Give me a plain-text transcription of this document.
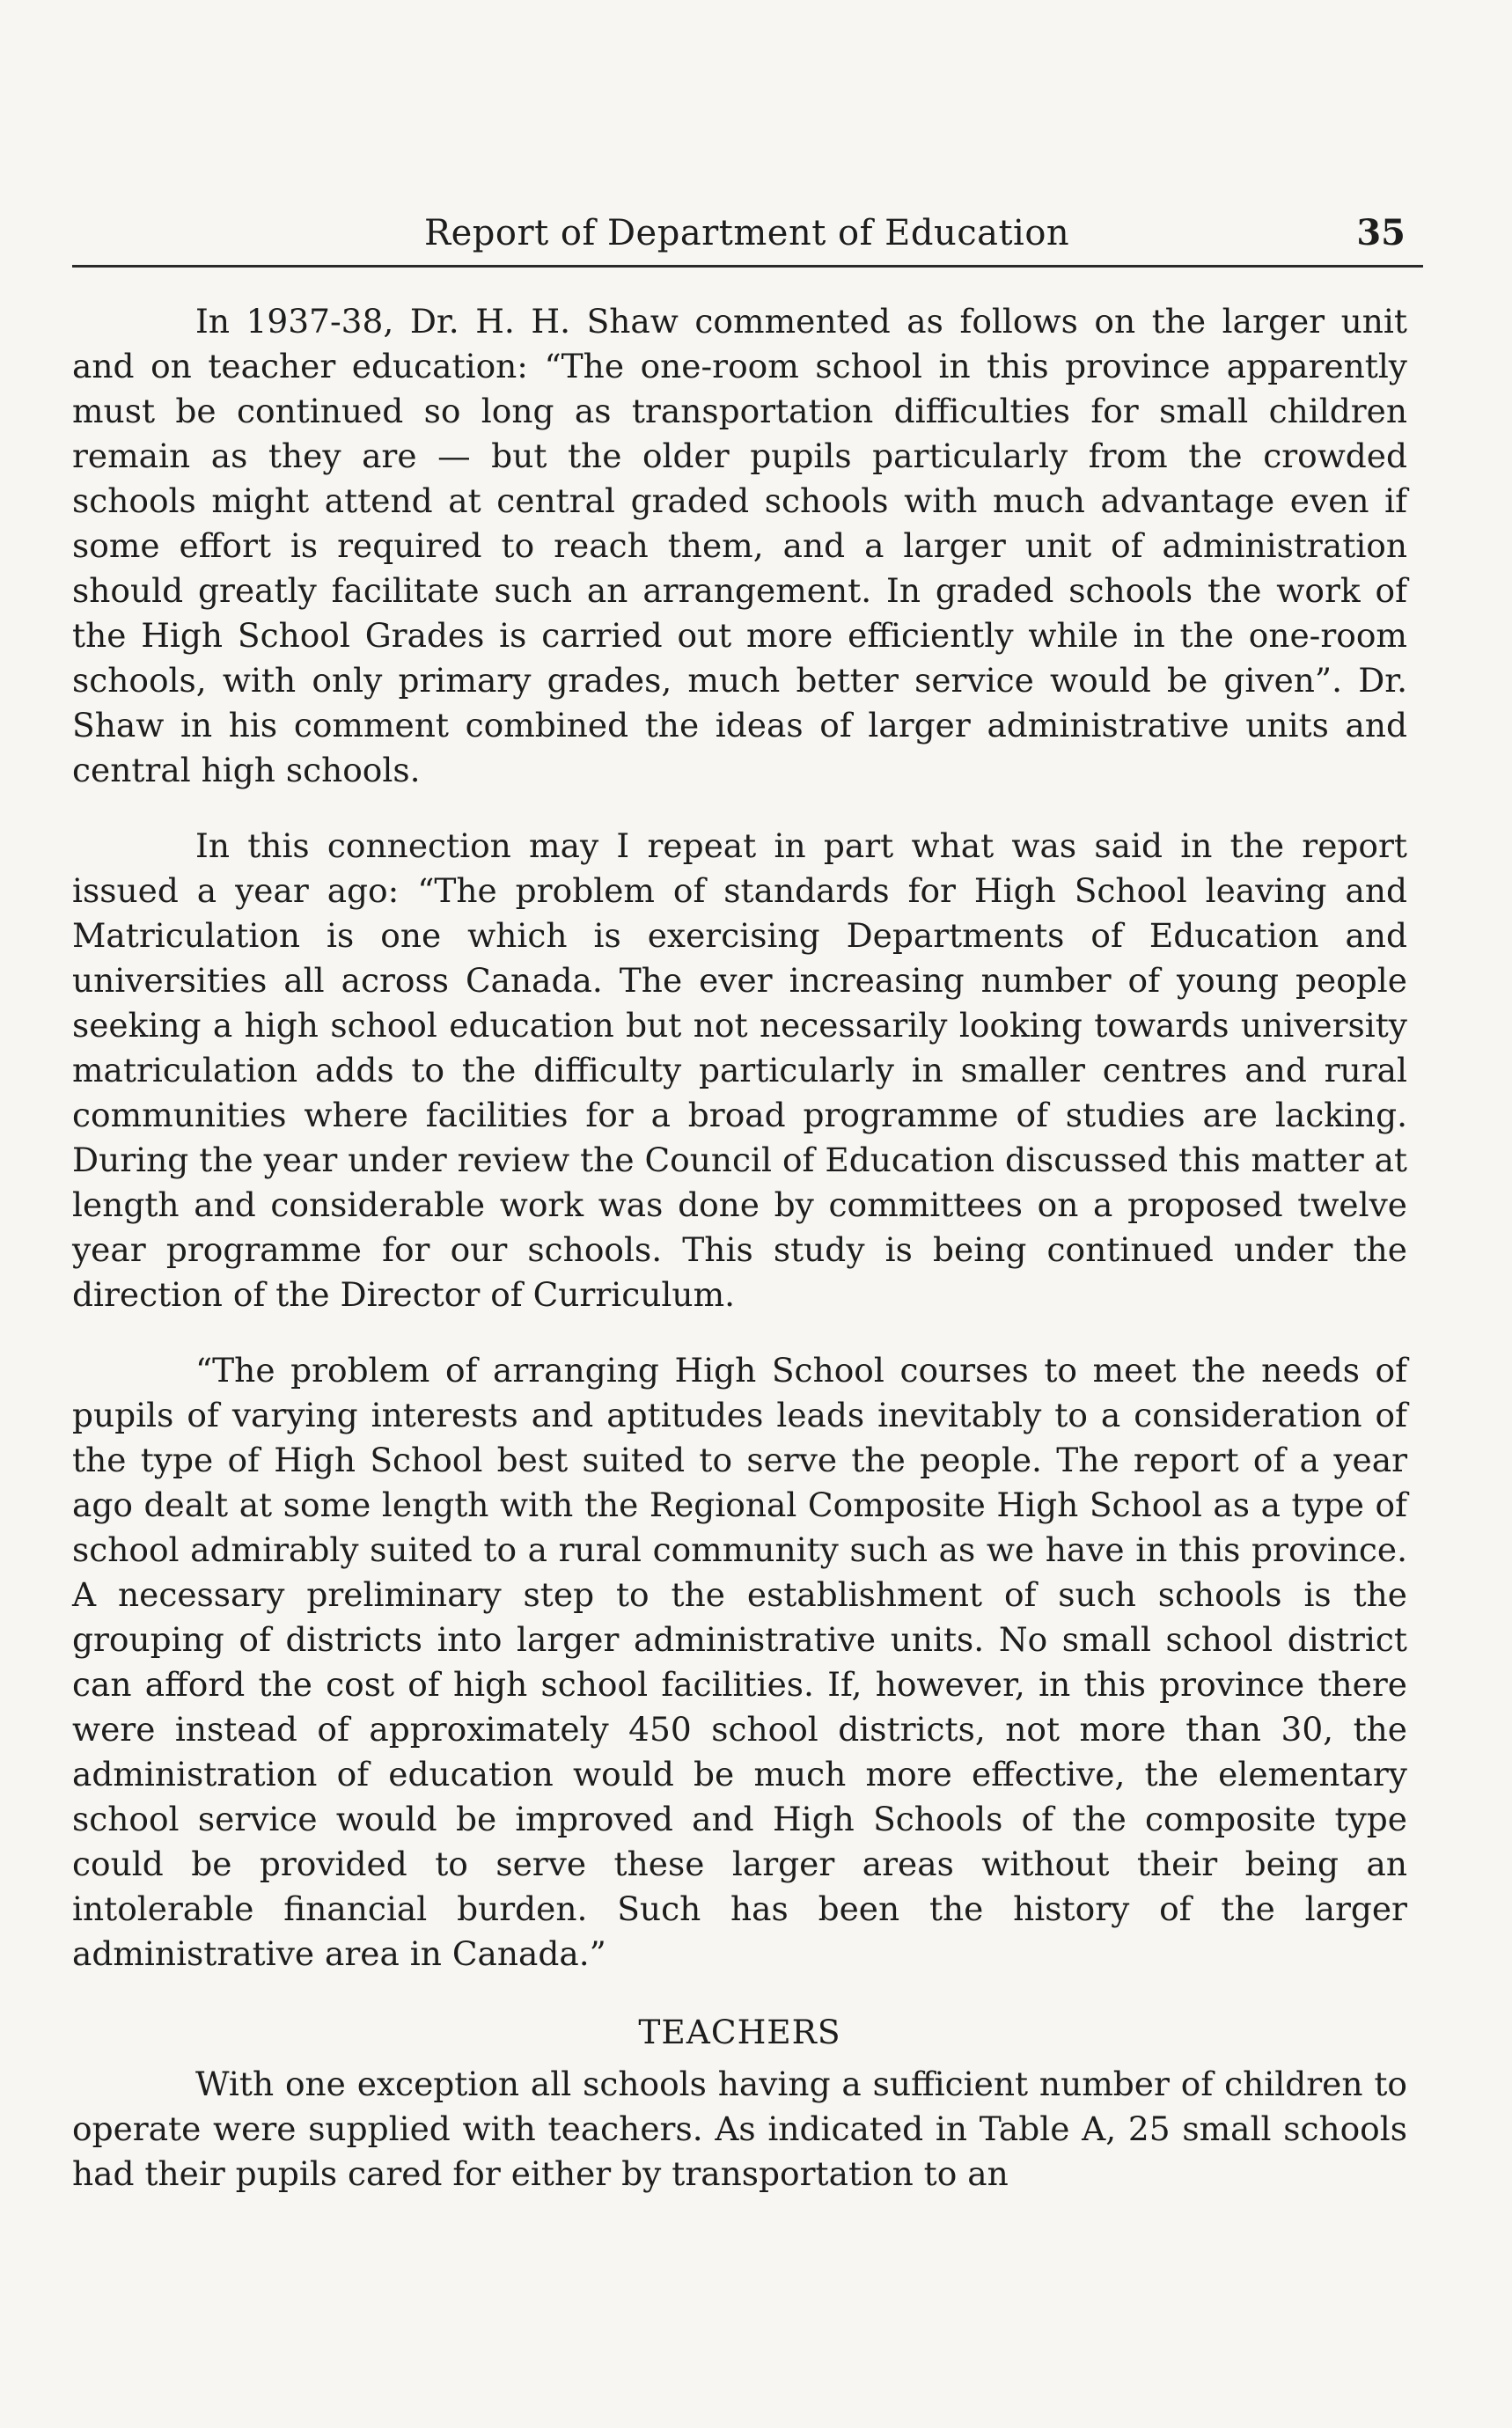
Report of Department of Education	35

In 1937-38, Dr. H. H. Shaw commented as follows on the larger unit and on teacher education: “The one-room school in this province apparently must be continued so long as transportation difficulties for small children remain as they are — but the older pupils particularly from the crowded schools might attend at central graded schools with much advantage even if some effort is required to reach them, and a larger unit of administration should greatly facilitate such an arrangement. In graded schools the work of the High School Grades is carried out more efficiently while in the one-room schools, with only primary grades, much better service would be given”. Dr. Shaw in his comment combined the ideas of larger administrative units and central high schools.

In this connection may I repeat in part what was said in the report issued a year ago: “The problem of standards for High School leaving and Matriculation is one which is exercising Departments of Education and universities all across Canada. The ever increasing number of young people seeking a high school education but not necessarily looking towards university matriculation adds to the difficulty particularly in smaller centres and rural communities where facilities for a broad programme of studies are lacking. During the year under review the Council of Education discussed this matter at length and considerable work was done by committees on a proposed twelve year programme for our schools. This study is being continued under the direction of the Director of Curriculum.

“The problem of arranging High School courses to meet the needs of pupils of varying interests and aptitudes leads inevitably to a consideration of the type of High School best suited to serve the people. The report of a year ago dealt at some length with the Regional Composite High School as a type of school admirably suited to a rural community such as we have in this province. A necessary preliminary step to the establishment of such schools is the grouping of districts into larger administrative units. No small school district can afford the cost of high school facilities. If, however, in this province there were instead of approximately 450 school districts, not more than 30, the administration of education would be much more effective, the elementary school service would be improved and High Schools of the composite type could be provided to serve these larger areas without their being an intolerable financial burden. Such has been the history of the larger administrative area in Canada.”

TEACHERS

With one exception all schools having a sufficient number of children to operate were supplied with teachers. As indicated in Table A, 25 small schools had their pupils cared for either by transportation to an
